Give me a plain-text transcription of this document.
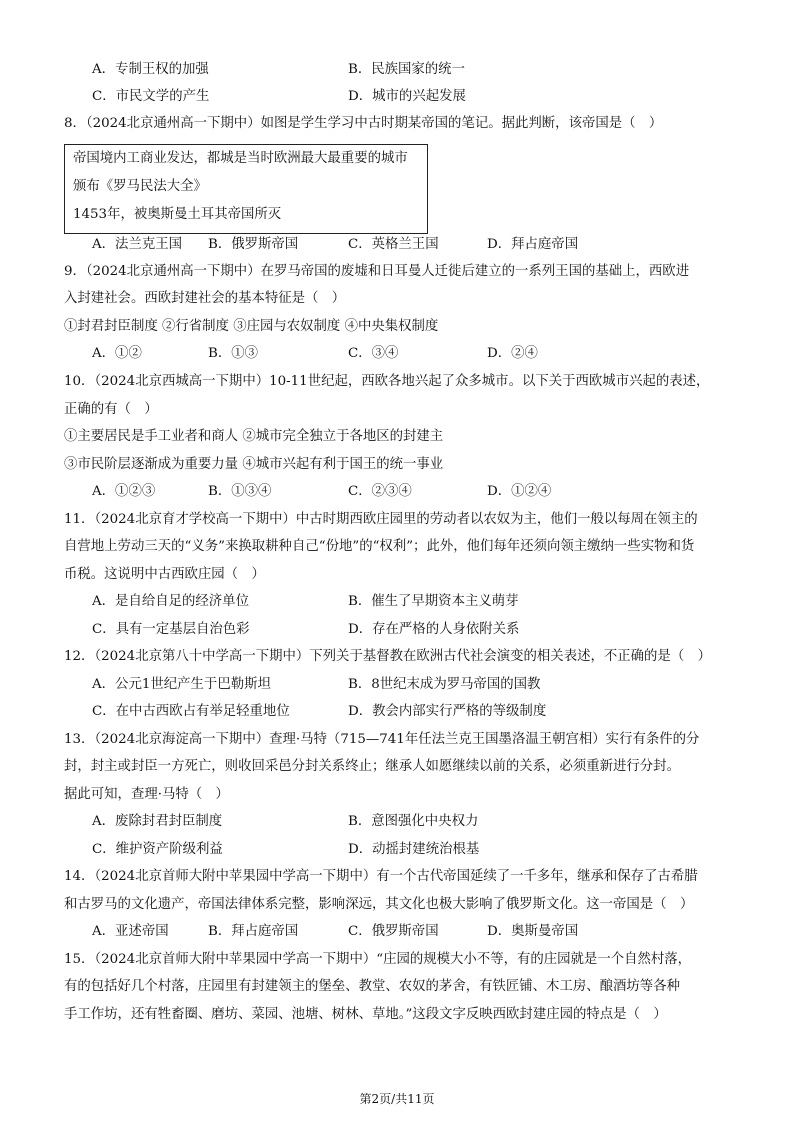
A．专制王权的加强	B．民族国家的统一
C．市民文学的产生	D．城市的兴起发展
8．（2024北京通州高一下期中）如图是学生学习中古时期某帝国的笔记。据此判断，该帝国是（　）
帝国境内工商业发达，都城是当时欧洲最大最重要的城市
颁布《罗马民法大全》
1453年，被奥斯曼土耳其帝国所灭
A．法兰克王国 B．俄罗斯帝国	C．英格兰王国	D．拜占庭帝国
9．（2024北京通州高一下期中）在罗马帝国的废墟和日耳曼人迁徙后建立的一系列王国的基础上，西欧进
入封建社会。西欧封建社会的基本特征是（　）
①封君封臣制度 ②行省制度 ③庄园与农奴制度 ④中央集权制度
A．①②	B．①③	C．③④	D．②④
10．（2024北京西城高一下期中）10-11世纪起，西欧各地兴起了众多城市。以下关于西欧城市兴起的表述，
正确的有（　）
①主要居民是手工业者和商人 ②城市完全独立于各地区的封建主
③市民阶层逐渐成为重要力量 ④城市兴起有利于国王的统一事业
A．①②③	B．①③④	C．②③④	D．①②④
11．（2024北京育才学校高一下期中）中古时期西欧庄园里的劳动者以农奴为主，他们一般以每周在领主的
自营地上劳动三天的“义务”来换取耕种自己“份地”的“权利”；此外，他们每年还须向领主缴纳一些实物和货
币税。这说明中古西欧庄园（　）
A．是自给自足的经济单位	B．催生了早期资本主义萌芽
C．具有一定基层自治色彩	D．存在严格的人身依附关系
12．（2024北京第八十中学高一下期中）下列关于基督教在欧洲古代社会演变的相关表述，不正确的是（　）
A．公元1世纪产生于巴勒斯坦	B．8世纪末成为罗马帝国的国教
C．在中古西欧占有举足轻重地位	D．教会内部实行严格的等级制度
13．（2024北京海淀高一下期中）查理·马特（715—741年任法兰克王国墨洛温王朝宫相）实行有条件的分
封，封主或封臣一方死亡，则收回采邑分封关系终止；继承人如愿继续以前的关系，必须重新进行分封。
据此可知，查理·马特（　）
A．废除封君封臣制度	B．意图强化中央权力
C．维护资产阶级利益	D．动摇封建统治根基
14．（2024北京首师大附中苹果园中学高一下期中）有一个古代帝国延续了一千多年，继承和保存了古希腊
和古罗马的文化遗产，帝国法律体系完整，影响深远，其文化也极大影响了俄罗斯文化。这一帝国是（　）
A．亚述帝国	B．拜占庭帝国	C．俄罗斯帝国	D．奥斯曼帝国
15．（2024北京首师大附中苹果园中学高一下期中）“庄园的规模大小不等，有的庄园就是一个自然村落，
有的包括好几个村落，庄园里有封建领主的堡垒、教堂、农奴的茅舍，有铁匠铺、木工房、酿酒坊等各种
手工作坊，还有牲畜圈、磨坊、菜园、池塘、树林、草地。”这段文字反映西欧封建庄园的特点是（　）
第2页/共11页
